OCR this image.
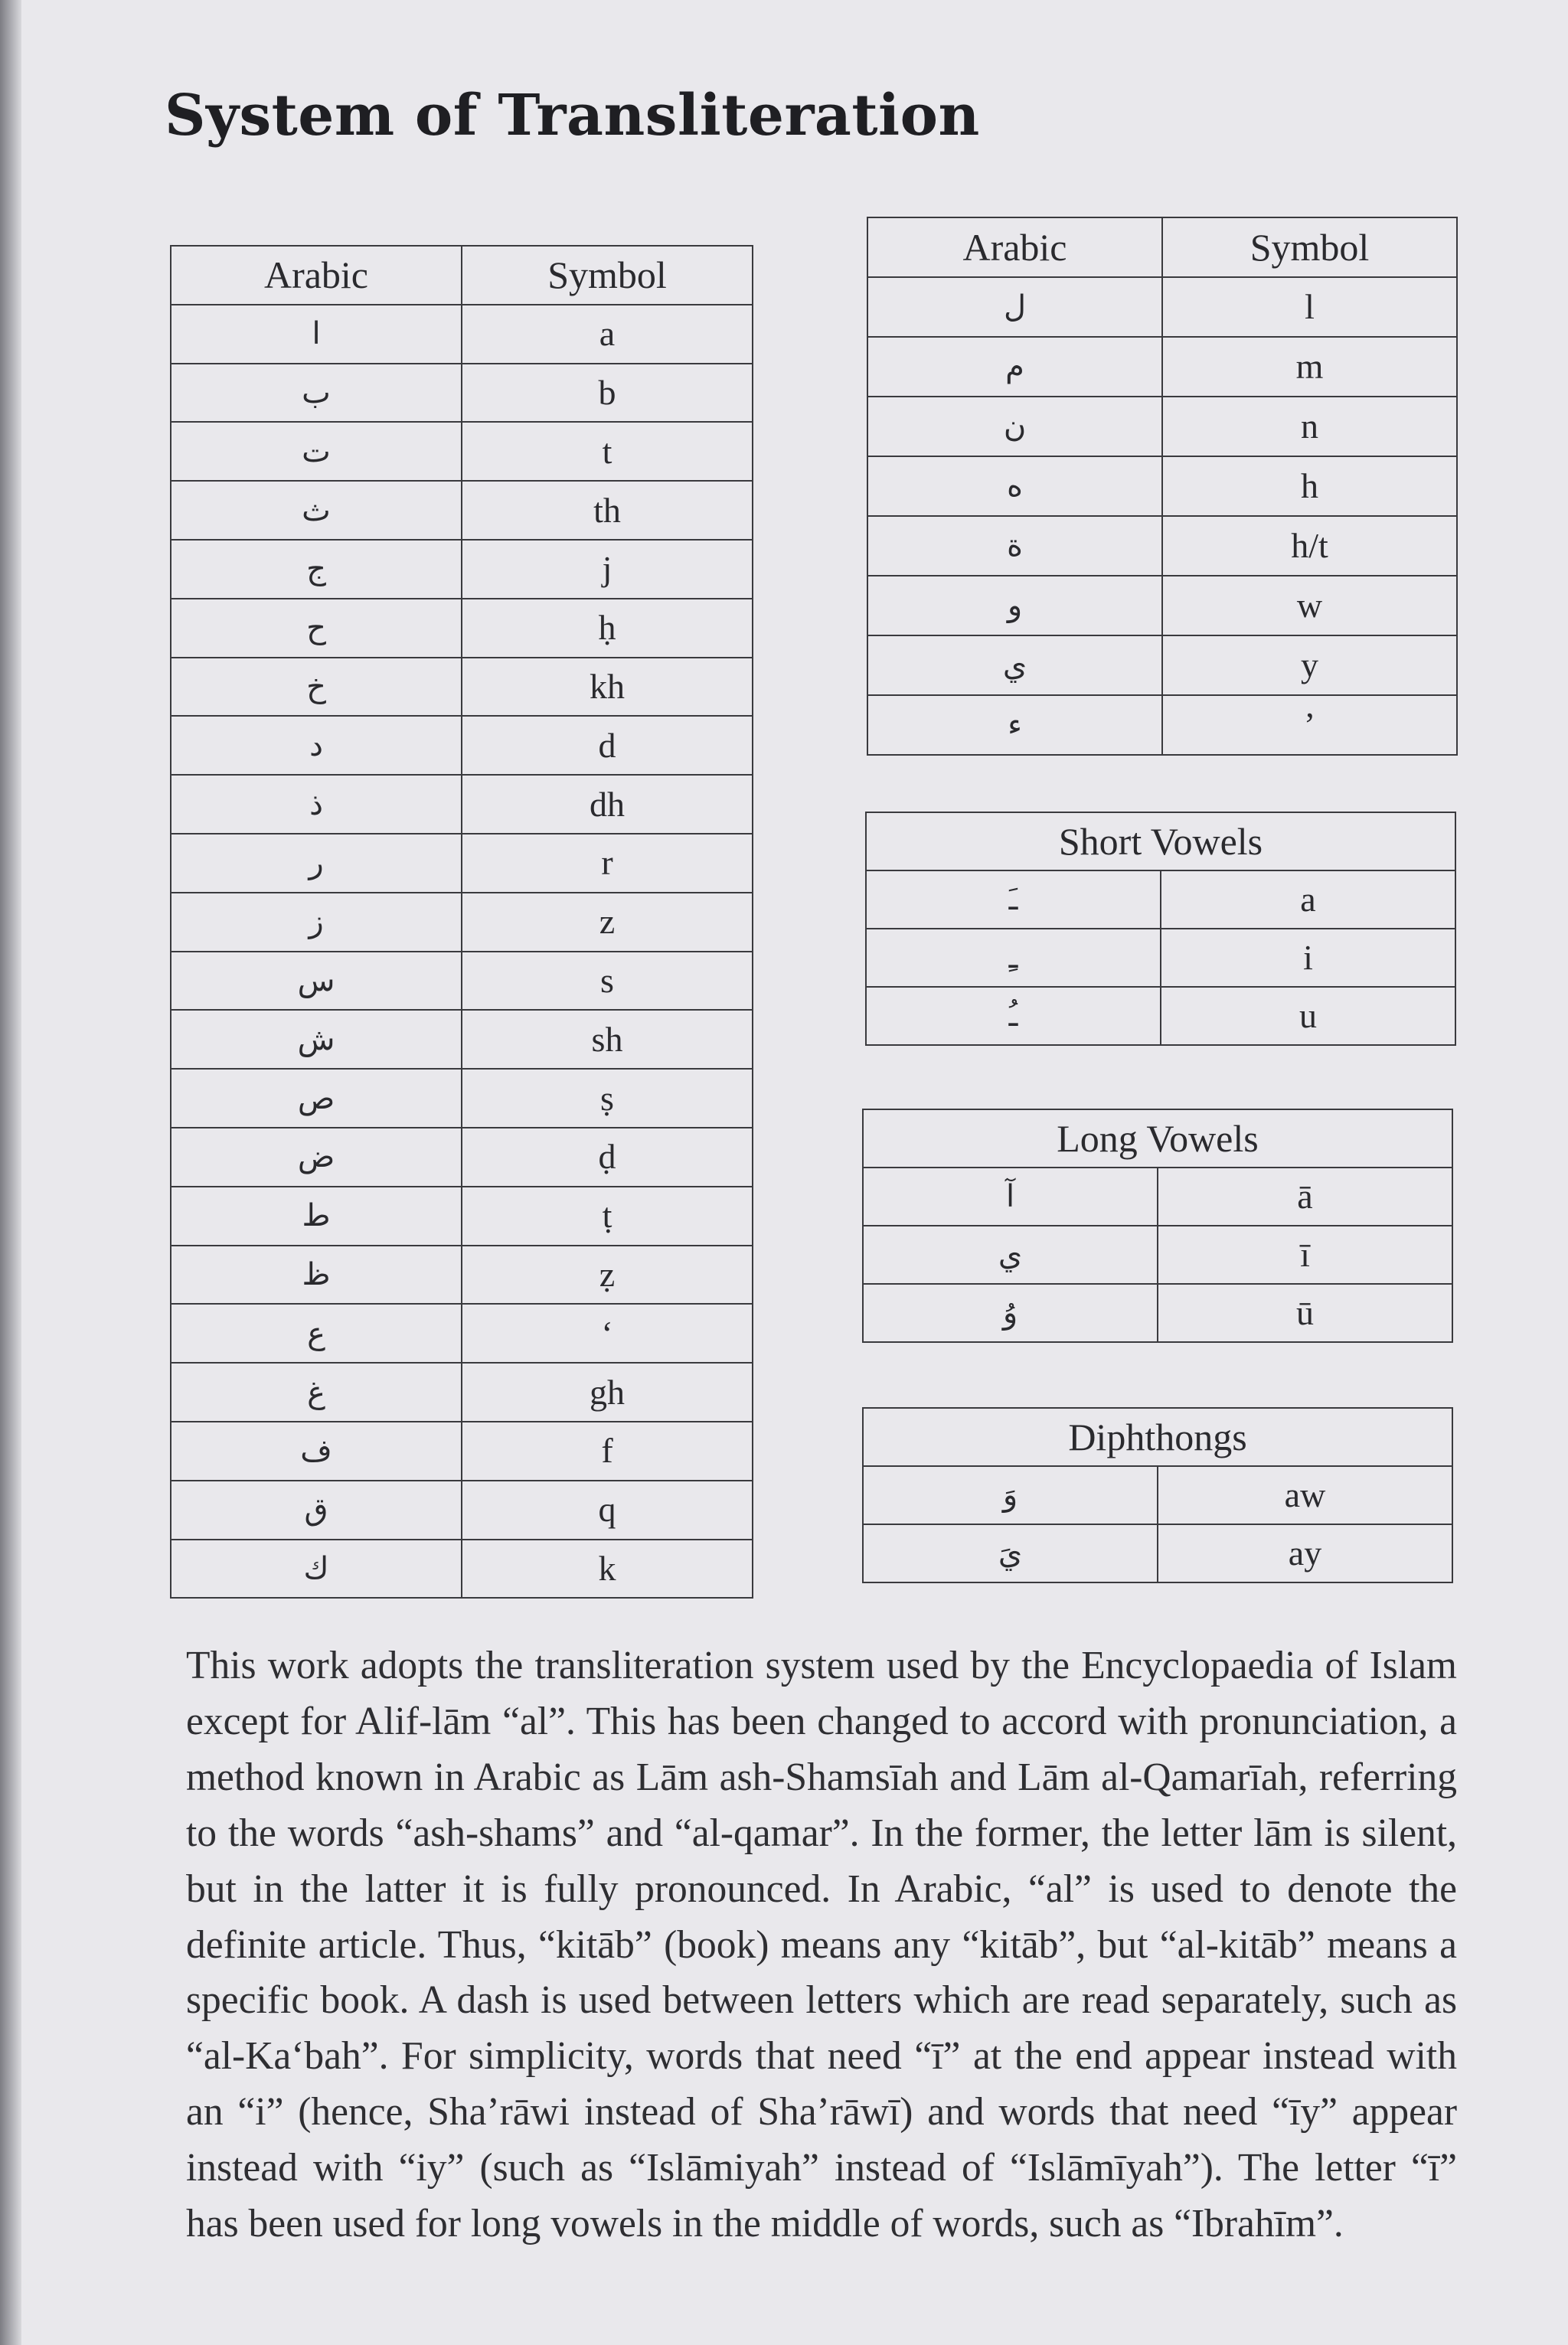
System of Transliteration
Arabic	Symbol
ا	a
ب	b
ت	t
ث	th
ج	j
ح	ḥ
خ	kh
د	d
ذ	dh
ر	r
ز	z
س	s
ش	sh
ص	ṣ
ض	ḍ
ط	ṭ
ظ	ẓ
ع	‘
غ	gh
ف	f
ق	q
ك	k
Arabic	Symbol
ل	l
م	m
ن	n
ه	h
ة	h/t
و	w
ي	y
ء	’
Short Vowels	
ـَ	a
ـِ	i
ـُ	u
Long Vowels	
آ	ā
ي	ī
وُ	ū
Diphthongs	
وَ	aw
يَ	ay

This work adopts the transliteration system used by the Encyclopaedia of Islam except for Alif-lām “al”. This has been changed to accord with pronunciation, a method known in Arabic as Lām ash-Shamsīah and Lām al-Qamarīah, referring to the words “ash-shams” and “al-qamar”. In the former, the letter lām is silent, but in the latter it is fully pronounced. In Arabic, “al” is used to denote the definite article. Thus, “kitāb” (book) means any “kitāb”, but “al-kitāb” means a specific book. A dash is used between letters which are read separately, such as “al-Ka‘bah”. For simplicity, words that need “ī” at the end appear instead with an “i” (hence, Sha’rāwi instead of Sha’rāwī) and words that need “īy” appear instead with “iy” (such as “Islāmiyah” instead of “Islāmīyah”). The letter “ī” has been used for long vowels in the middle of words, such as “Ibrahīm”.
